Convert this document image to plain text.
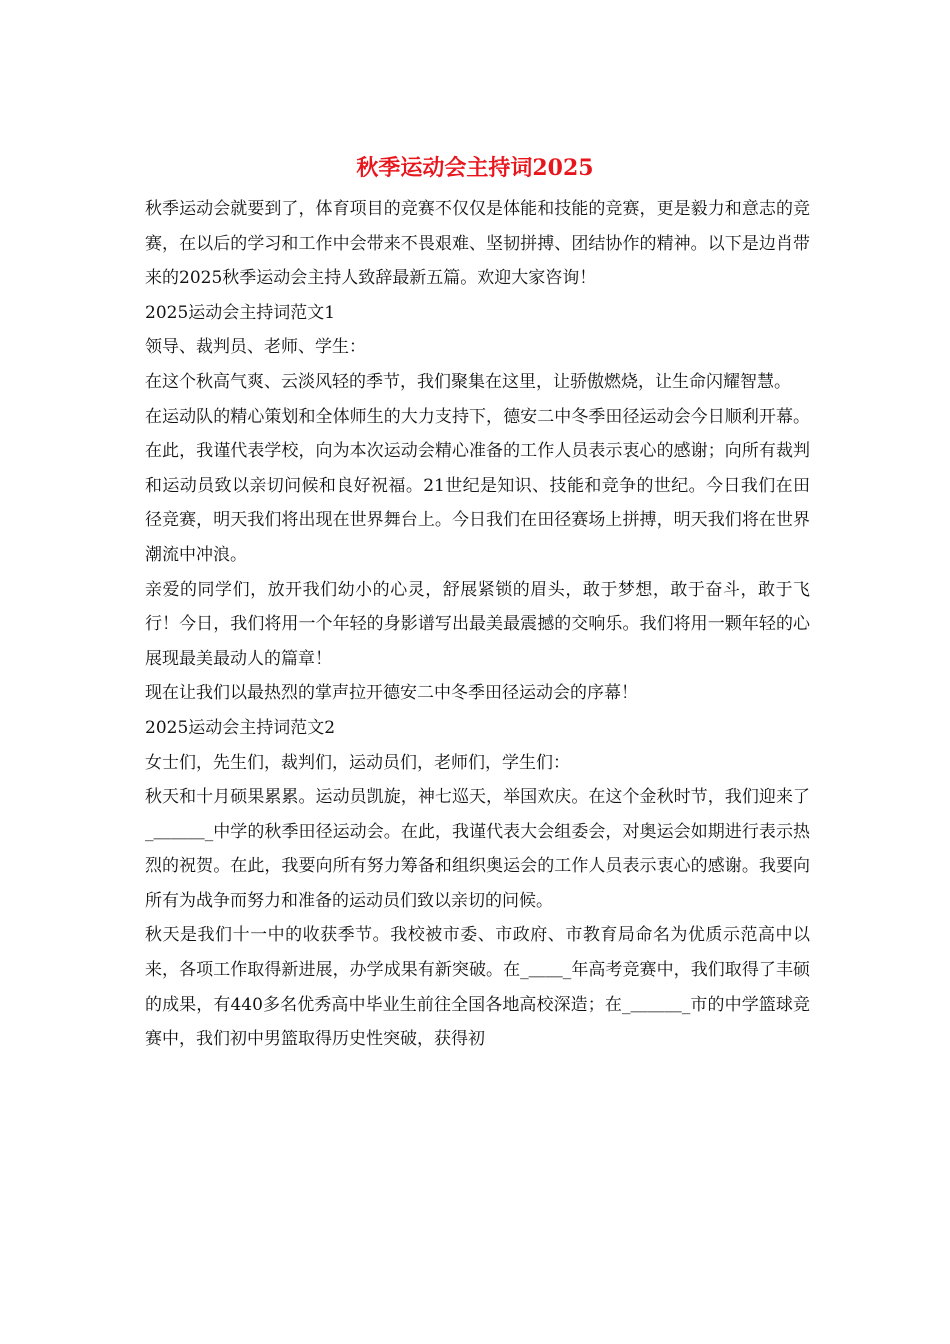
秋季运动会主持词2025

秋季运动会就要到了，体育项目的竞赛不仅仅是体能和技能的竞赛，更是毅力和意志的竞赛，在以后的学习和工作中会带来不畏艰难、坚韧拼搏、团结协作的精神。以下是边肖带来的2025秋季运动会主持人致辞最新五篇。欢迎大家咨询！

2025运动会主持词范文1

领导、裁判员、老师、学生：

在这个秋高气爽、云淡风轻的季节，我们聚集在这里，让骄傲燃烧，让生命闪耀智慧。

在运动队的精心策划和全体师生的大力支持下，德安二中冬季田径运动会今日顺利开幕。在此，我谨代表学校，向为本次运动会精心准备的工作人员表示衷心的感谢；向所有裁判和运动员致以亲切问候和良好祝福。21世纪是知识、技能和竞争的世纪。今日我们在田径竞赛，明天我们将出现在世界舞台上。今日我们在田径赛场上拼搏，明天我们将在世界潮流中冲浪。

亲爱的同学们，放开我们幼小的心灵，舒展紧锁的眉头，敢于梦想，敢于奋斗，敢于飞行！今日，我们将用一个年轻的身影谱写出最美最震撼的交响乐。我们将用一颗年轻的心展现最美最动人的篇章！

现在让我们以最热烈的掌声拉开德安二中冬季田径运动会的序幕！

2025运动会主持词范文2

女士们，先生们，裁判们，运动员们，老师们，学生们：

秋天和十月硕果累累。运动员凯旋，神七巡天，举国欢庆。在这个金秋时节，我们迎来了_＿＿＿_中学的秋季田径运动会。在此，我谨代表大会组委会，对奥运会如期进行表示热烈的祝贺。在此，我要向所有努力筹备和组织奥运会的工作人员表示衷心的感谢。我要向所有为战争而努力和准备的运动员们致以亲切的问候。

秋天是我们十一中的收获季节。我校被市委、市政府、市教育局命名为优质示范高中以来，各项工作取得新进展，办学成果有新突破。在_＿＿_年高考竞赛中，我们取得了丰硕的成果，有440多名优秀高中毕业生前往全国各地高校深造；在_＿＿＿_市的中学篮球竞赛中，我们初中男篮取得历史性突破，获得初
